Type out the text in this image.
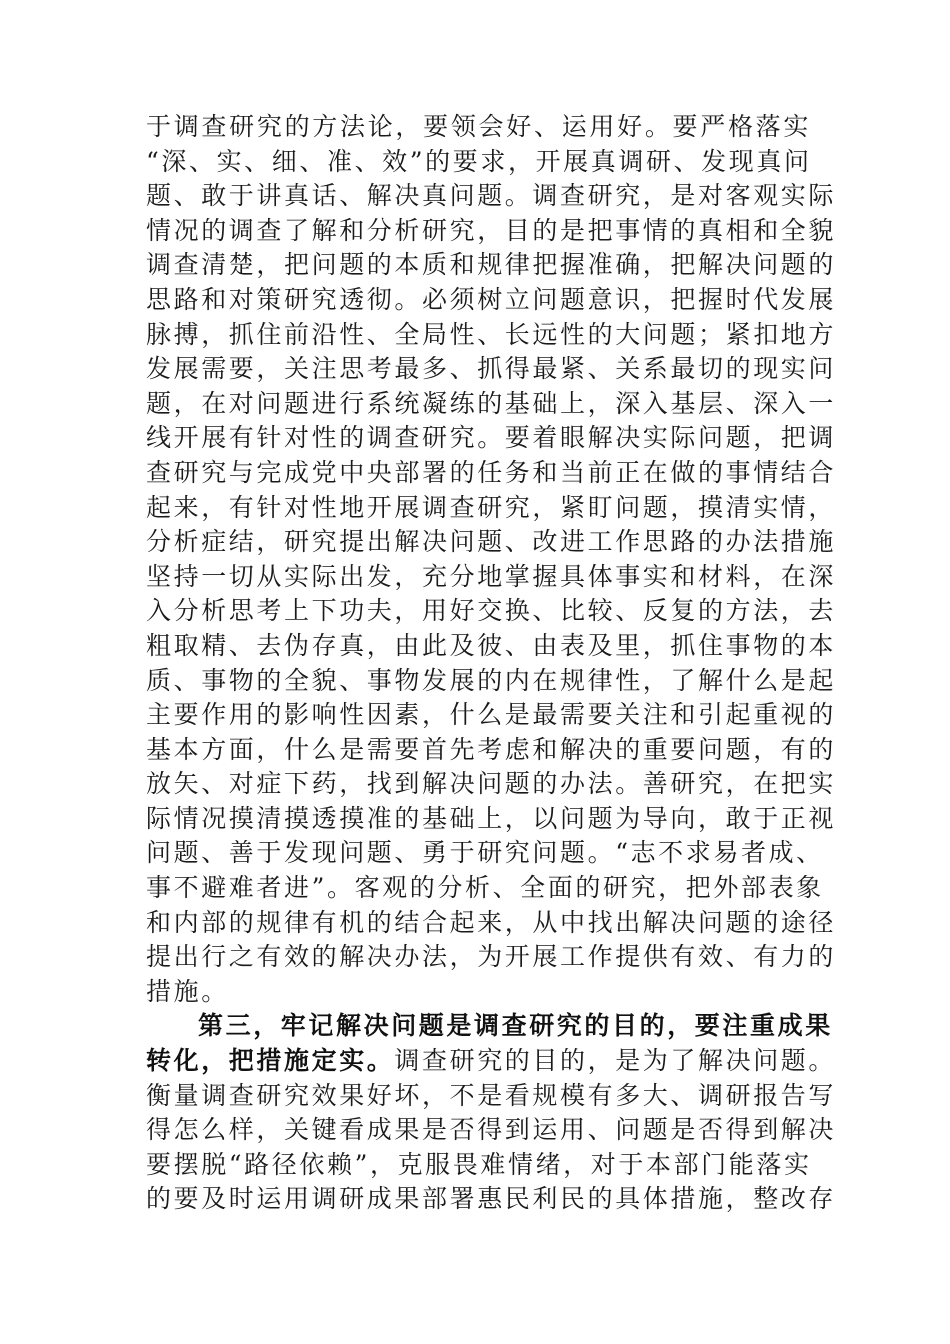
于调查研究的方法论，要领会好、运用好。要严格落实
“深、实、细、准、效”的要求，开展真调研、发现真问
题、敢于讲真话、解决真问题。调查研究，是对客观实际
情况的调查了解和分析研究，目的是把事情的真相和全貌
调查清楚，把问题的本质和规律把握准确，把解决问题的
思路和对策研究透彻。必须树立问题意识，把握时代发展
脉搏，抓住前沿性、全局性、长远性的大问题；紧扣地方
发展需要，关注思考最多、抓得最紧、关系最切的现实问
题，在对问题进行系统凝练的基础上，深入基层、深入一
线开展有针对性的调查研究。要着眼解决实际问题，把调
查研究与完成党中央部署的任务和当前正在做的事情结合
起来，有针对性地开展调查研究，紧盯问题，摸清实情，
分析症结，研究提出解决问题、改进工作思路的办法措施
坚持一切从实际出发，充分地掌握具体事实和材料，在深
入分析思考上下功夫，用好交换、比较、反复的方法，去
粗取精、去伪存真，由此及彼、由表及里，抓住事物的本
质、事物的全貌、事物发展的内在规律性，了解什么是起
主要作用的影响性因素，什么是最需要关注和引起重视的
基本方面，什么是需要首先考虑和解决的重要问题，有的
放矢、对症下药，找到解决问题的办法。善研究，在把实
际情况摸清摸透摸准的基础上，以问题为导向，敢于正视
问题、善于发现问题、勇于研究问题。“志不求易者成、
事不避难者进”。客观的分析、全面的研究，把外部表象
和内部的规律有机的结合起来，从中找出解决问题的途径
提出行之有效的解决办法，为开展工作提供有效、有力的
措施。
第三，牢记解决问题是调查研究的目的，要注重成果
转化，把措施定实。调查研究的目的，是为了解决问题。
衡量调查研究效果好坏，不是看规模有多大、调研报告写
得怎么样，关键看成果是否得到运用、问题是否得到解决
要摆脱“路径依赖”，克服畏难情绪，对于本部门能落实
的要及时运用调研成果部署惠民利民的具体措施，整改存
